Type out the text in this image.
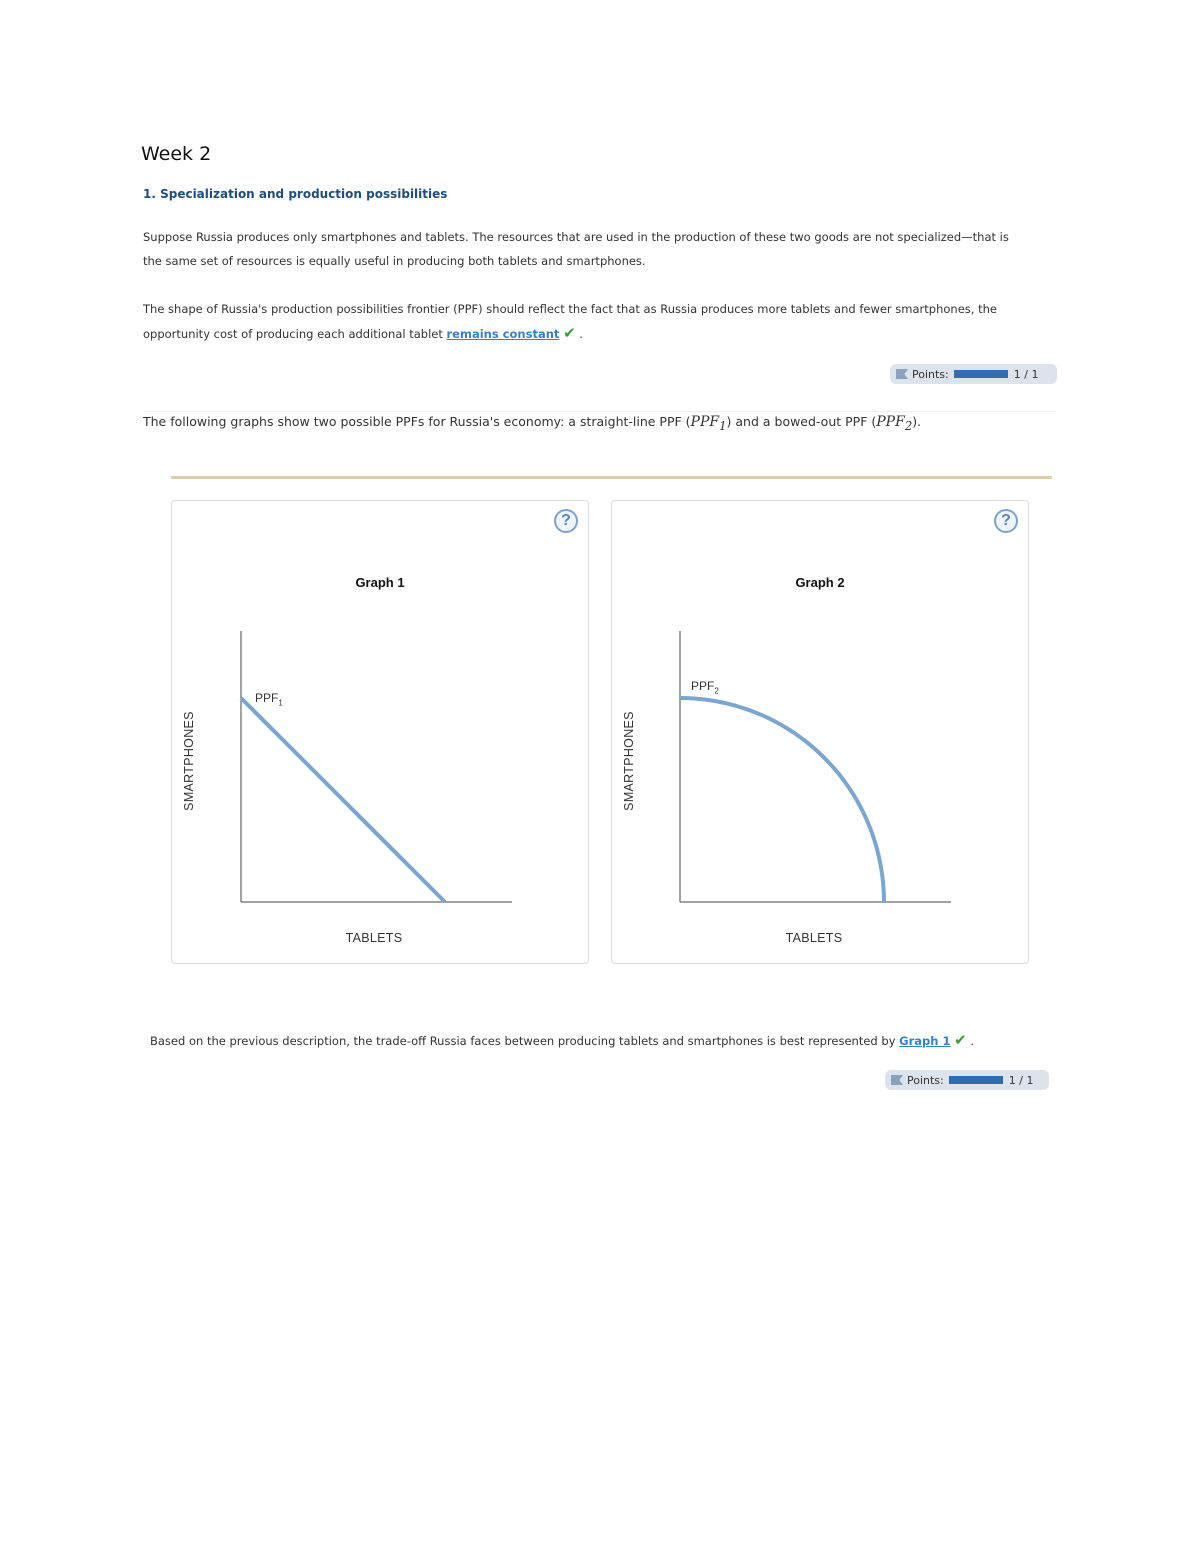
Week 2
1. Specialization and production possibilities
Suppose Russia produces only smartphones and tablets. The resources that are used in the production of these two goods are not specialized—that is
the same set of resources is equally useful in producing both tablets and smartphones.
The shape of Russia's production possibilities frontier (PPF) should reflect the fact that as Russia produces more tablets and fewer smartphones, the
opportunity cost of producing each additional tablet remains constant ✔ .
Points:	1 / 1
The following graphs show two possible PPFs for Russia's economy: a straight-line PPF $(PPF_1)$ and a bowed-out PPF $(PPF_2)$.
?
Graph 1
$PPF_1$
SMARTPHONES
TABLETS
?
Graph 2
$PPF_2$
SMARTPHONES
TABLETS
Based on the previous description, the trade-off Russia faces between producing tablets and smartphones is best represented by Graph 1 ✔ .
Points:	1 / 1
